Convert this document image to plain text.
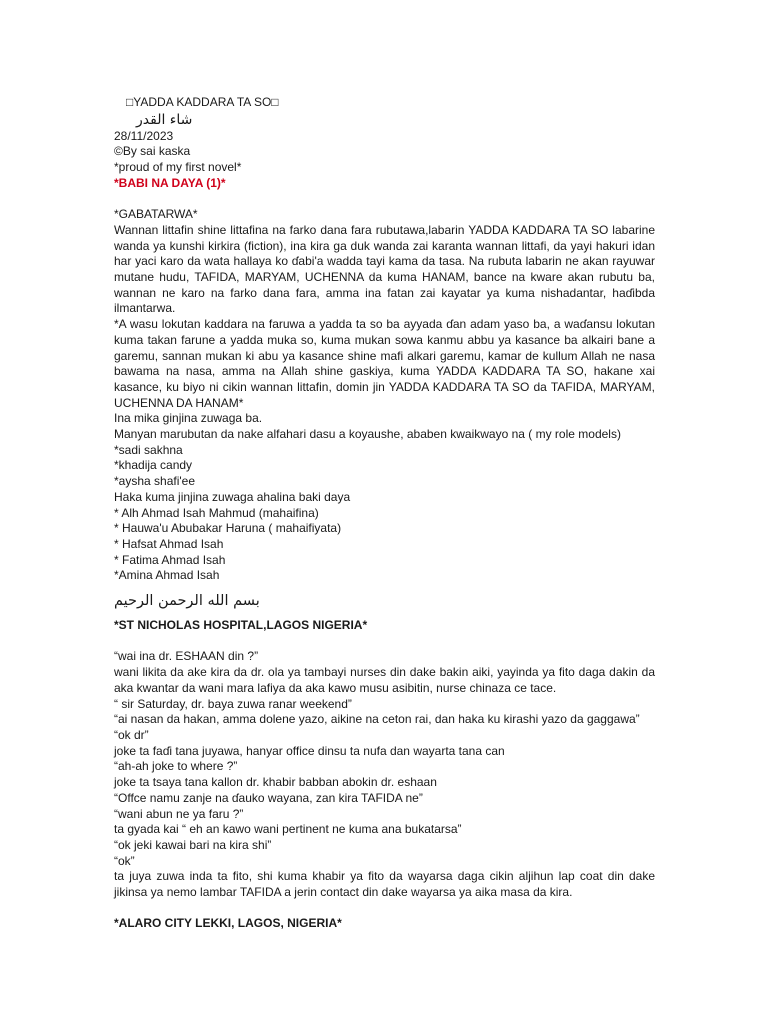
□YADDA KADDARA TA SO□

شاء القدر

28/11/2023

©By sai kaska

*proud of my first novel*

*BABI NA DAYA (1)*

*GABATARWA*

Wannan littafin shine littafina na farko dana fara rubutawa,labarin YADDA KADDARA TA SO labarine wanda ya kunshi kirkira (fiction), ina kira ga duk wanda zai karanta wannan littafi, da yayi hakuri idan har yaci karo da wata hallaya ko ɗabi'a wadda tayi kama da tasa. Na rubuta labarin ne akan rayuwar mutane hudu, TAFIDA, MARYAM, UCHENNA da kuma HANAM, bance na kware akan rubutu ba, wannan ne karo na farko dana fara, amma ina fatan zai kayatar ya kuma nishadantar, haɗibda ilmantarwa.

*A wasu lokutan kaddara na faruwa a yadda ta so ba ayyada ɗan adam yaso ba, a waɗansu lokutan kuma takan farune a yadda muka so, kuma mukan sowa kanmu abbu ya kasance ba alkairi bane a garemu, sannan mukan ki abu ya kasance shine mafi alkari garemu, kamar de kullum Allah ne nasa bawama na nasa, amma na Allah shine gaskiya, kuma YADDA KADDARA TA SO, hakane xai kasance, ku biyo ni cikin wannan littafin, domin jin YADDA KADDARA TA SO da TAFIDA, MARYAM, UCHENNA DA HANAM*

Ina mika ginjina zuwaga ba.

Manyan marubutan da nake alfahari dasu a koyaushe, ababen kwaikwayo na ( my role models)

*sadi sakhna

*khadija candy

*aysha shafi'ee

Haka kuma jinjina zuwaga ahalina baki daya

* Alh Ahmad Isah Mahmud (mahaifina)

* Hauwa'u Abubakar Haruna ( mahaifiyata)

* Hafsat Ahmad Isah

* Fatima Ahmad Isah

*Amina Ahmad Isah

بسم الله الرحمن الرحيم

*ST NICHOLAS HOSPITAL,LAGOS NIGERIA*

“wai ina dr. ESHAAN din ?”

wani likita da ake kira da dr. ola ya tambayi nurses din dake bakin aiki, yayinda ya fito daga dakin da aka kwantar da wani mara lafiya da aka kawo musu asibitin, nurse chinaza ce tace.

“ sir Saturday, dr. baya zuwa ranar weekend”

“ai nasan da hakan, amma dolene yazo, aikine na ceton rai, dan haka ku kirashi yazo da gaggawa”

“ok dr”

joke ta faɗi tana juyawa, hanyar office dinsu ta nufa dan wayarta tana can

“ah-ah joke to where ?”

joke ta tsaya tana kallon dr. khabir babban abokin dr. eshaan

“Offce namu zanje na ɗauko wayana, zan kira TAFIDA ne”

“wani abun ne ya faru ?”

ta gyada kai “ eh an kawo wani pertinent ne kuma ana bukatarsa”

“ok jeki kawai bari na kira shi”

“ok”

ta juya zuwa inda ta fito, shi kuma khabir ya fito da wayarsa daga cikin aljihun lap coat din dake jikinsa ya nemo lambar TAFIDA a jerin contact din dake wayarsa ya aika masa da kira.

*ALARO CITY LEKKI, LAGOS, NIGERIA*
